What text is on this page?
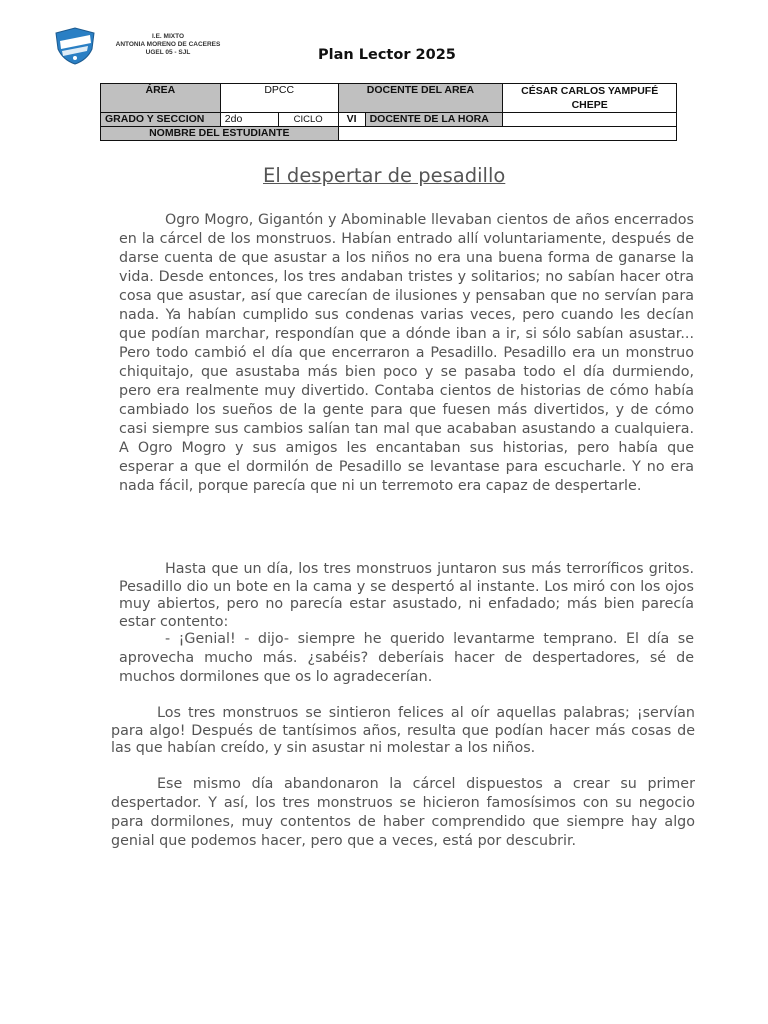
I.E. MIXTO
ANTONIA MORENO DE CACERES
UGEL 05 - SJL	Plan Lector 2025
ÁREA	DPCC		DOCENTE DEL AREA		CÉSAR CARLOS YAMPUFÉ CHEPE
GRADO Y SECCION	2do	CICLO	VI	DOCENTE DE LA HORA	
NOMBRE DEL ESTUDIANTE					
El despertar de pesadillo

Ogro Mogro, Gigantón y Abominable llevaban cientos de años encerrados en la cárcel de los monstruos. Habían entrado allí voluntariamente, después de darse cuenta de que asustar a los niños no era una buena forma de ganarse la vida. Desde entonces, los tres andaban tristes y solitarios; no sabían hacer otra cosa que asustar, así que carecían de ilusiones y pensaban que no servían para nada. Ya habían cumplido sus condenas varias veces, pero cuando les decían que podían marchar, respondían que a dónde iban a ir, si sólo sabían asustar... Pero todo cambió el día que encerraron a Pesadillo. Pesadillo era un monstruo chiquitajo, que asustaba más bien poco y se pasaba todo el día durmiendo, pero era realmente muy divertido. Contaba cientos de historias de cómo había cambiado los sueños de la gente para que fuesen más divertidos, y de cómo casi siempre sus cambios salían tan mal que acababan asustando a cualquiera. A Ogro Mogro y sus amigos les encantaban sus historias, pero había que esperar a que el dormilón de Pesadillo se levantase para escucharle. Y no era nada fácil, porque parecía que ni un terremoto era capaz de despertarle.

Hasta que un día, los tres monstruos juntaron sus más terroríficos gritos. Pesadillo dio un bote en la cama y se despertó al instante. Los miró con los ojos muy abiertos, pero no parecía estar asustado, ni enfadado; más bien parecía estar contento:

- ¡Genial! - dijo- siempre he querido levantarme temprano. El día se aprovecha mucho más. ¿sabéis? deberíais hacer de despertadores, sé de muchos dormilones que os lo agradecerían.

Los tres monstruos se sintieron felices al oír aquellas palabras; ¡servían para algo! Después de tantísimos años, resulta que podían hacer más cosas de las que habían creído, y sin asustar ni molestar a los niños.

Ese mismo día abandonaron la cárcel dispuestos a crear su primer despertador. Y así, los tres monstruos se hicieron famosísimos con su negocio para dormilones, muy contentos de haber comprendido que siempre hay algo genial que podemos hacer, pero que a veces, está por descubrir.
